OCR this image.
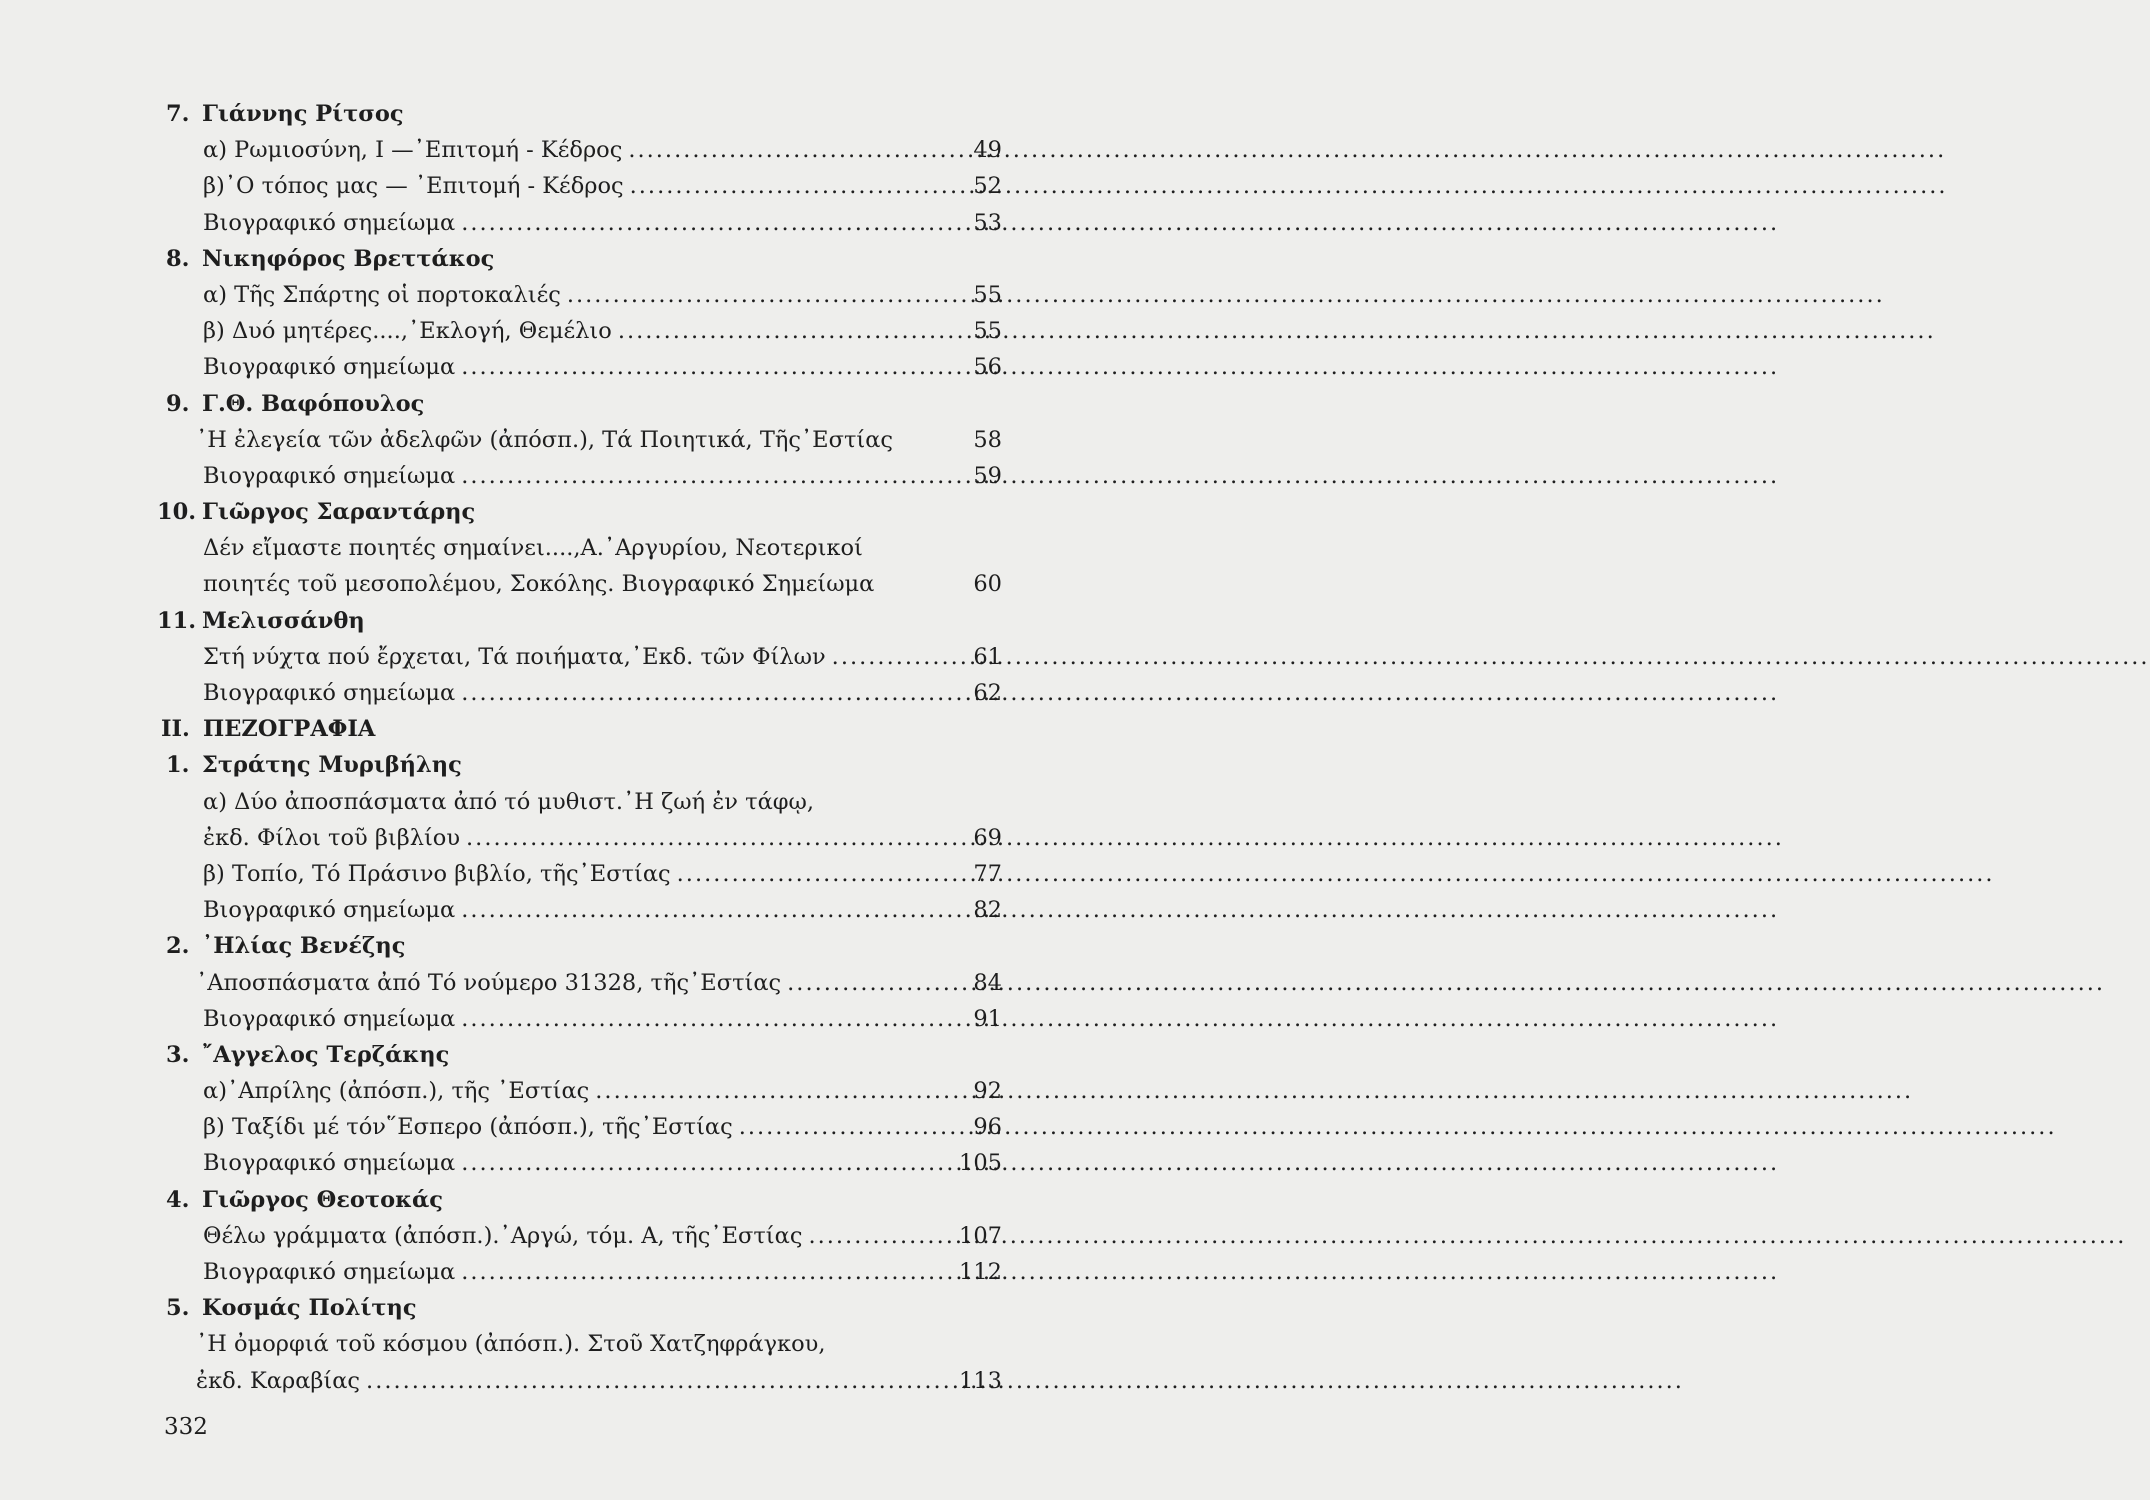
7. Γιάννης Ρίτσος
α) Ρωμιοσύνη, I —᾽Επιτομή - Κέδρος .....	49
β)᾽Ο τόπος μας — ᾽Επιτομή - Κέδρος .....	52
Βιογραφικό σημείωμα .....	53
8. Νικηφόρος Βρεττάκος
α) Τῆς Σπάρτης οἱ πορτοκαλιές .....	55
β) Δυό μητέρες....,᾽Εκλογή, Θεμέλιο .....	55
Βιογραφικό σημείωμα .....	56
9. Γ.Θ. Βαφόπουλος
᾽Η ἐλεγεία τῶν ἀδελφῶν (ἀπόσπ.), Τά Ποιητικά, Τῆς᾽Εστίας	58
Βιογραφικό σημείωμα .....	59
10. Γιῶργος Σαραντάρης
Δέν εἴμαστε ποιητές σημαίνει....,Α.᾽Αργυρίου, Νεοτερικοί
ποιητές τοῦ μεσοπολέμου, Σοκόλης. Βιογραφικό Σημείωμα	60
11. Μελισσάνθη
Στή νύχτα πού ἔρχεται, Τά ποιήματα,᾽Εκδ. τῶν Φίλων .....	61
Βιογραφικό σημείωμα .....	62
II. ΠΕΖΟΓΡΑΦΙΑ
1. Στράτης Μυριβήλης
α) Δύο ἀποσπάσματα ἀπό τό μυθιστ.᾽Η ζωή ἐν τάφῳ,
ἐκδ. Φίλοι τοῦ βιβλίου .....	69
β) Τοπίο, Τό Πράσινο βιβλίο, τῆς᾽Εστίας .....	77
Βιογραφικό σημείωμα .....	82
2. ᾽Ηλίας Βενέζης
᾽Αποσπάσματα ἀπό Τό νούμερο 31328, τῆς᾽Εστίας .....	84
Βιογραφικό σημείωμα .....	91
3. ῎Αγγελος Τερζάκης
α)᾽Απρίλης (ἀπόσπ.), τῆς ᾽Εστίας .....	92
β) Ταξίδι μέ τόν῞Εσπερο (ἀπόσπ.), τῆς᾽Εστίας .....	96
Βιογραφικό σημείωμα .....	105
4. Γιῶργος Θεοτοκάς
Θέλω γράμματα (ἀπόσπ.).᾽Αργώ, τόμ. Α, τῆς᾽Εστίας .....	107
Βιογραφικό σημείωμα .....	112
5. Κοσμάς Πολίτης
᾽Η ὀμορφιά τοῦ κόσμου (ἀπόσπ.). Στοῦ Χατζηφράγκου,
ἐκδ. Καραβίας .....	113
332
